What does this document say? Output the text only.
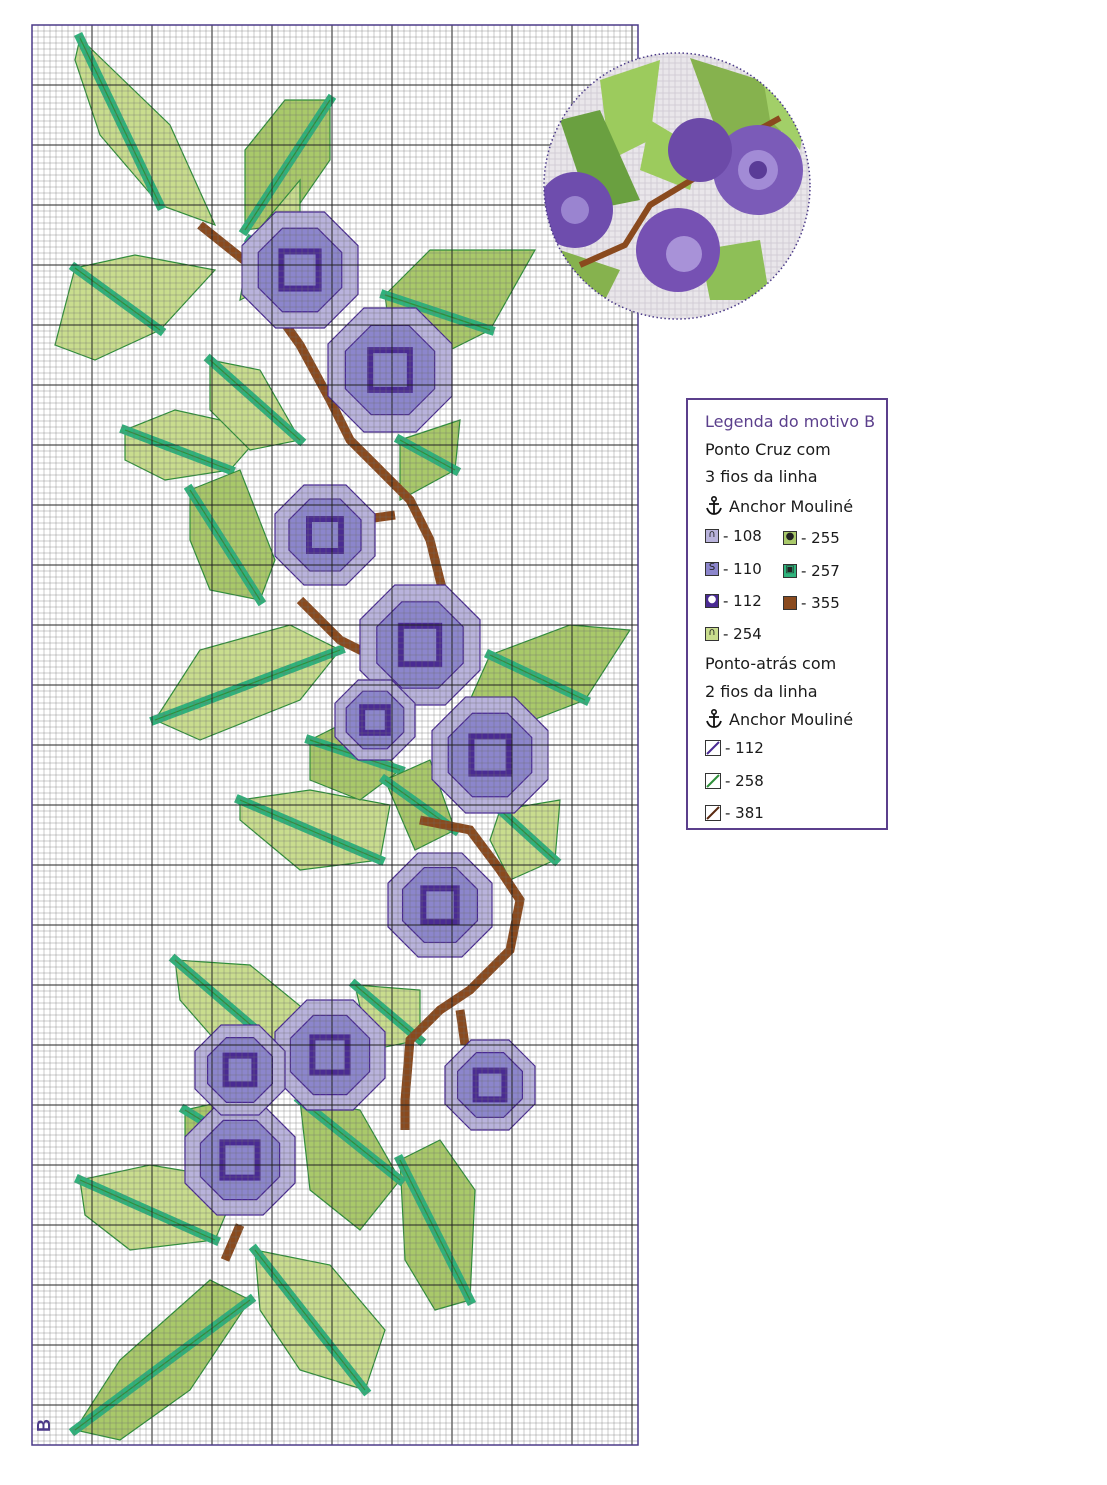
B
Legenda do motivo B
Ponto Cruz com
3 fios da linha
Anchor Mouliné
∩ - 108 ● - 255
S - 110 ▣ - 257
● - 112	- 355
∩ - 254
Ponto-atrás com
2 fios da linha
Anchor Mouliné
- 112
- 258
- 381
